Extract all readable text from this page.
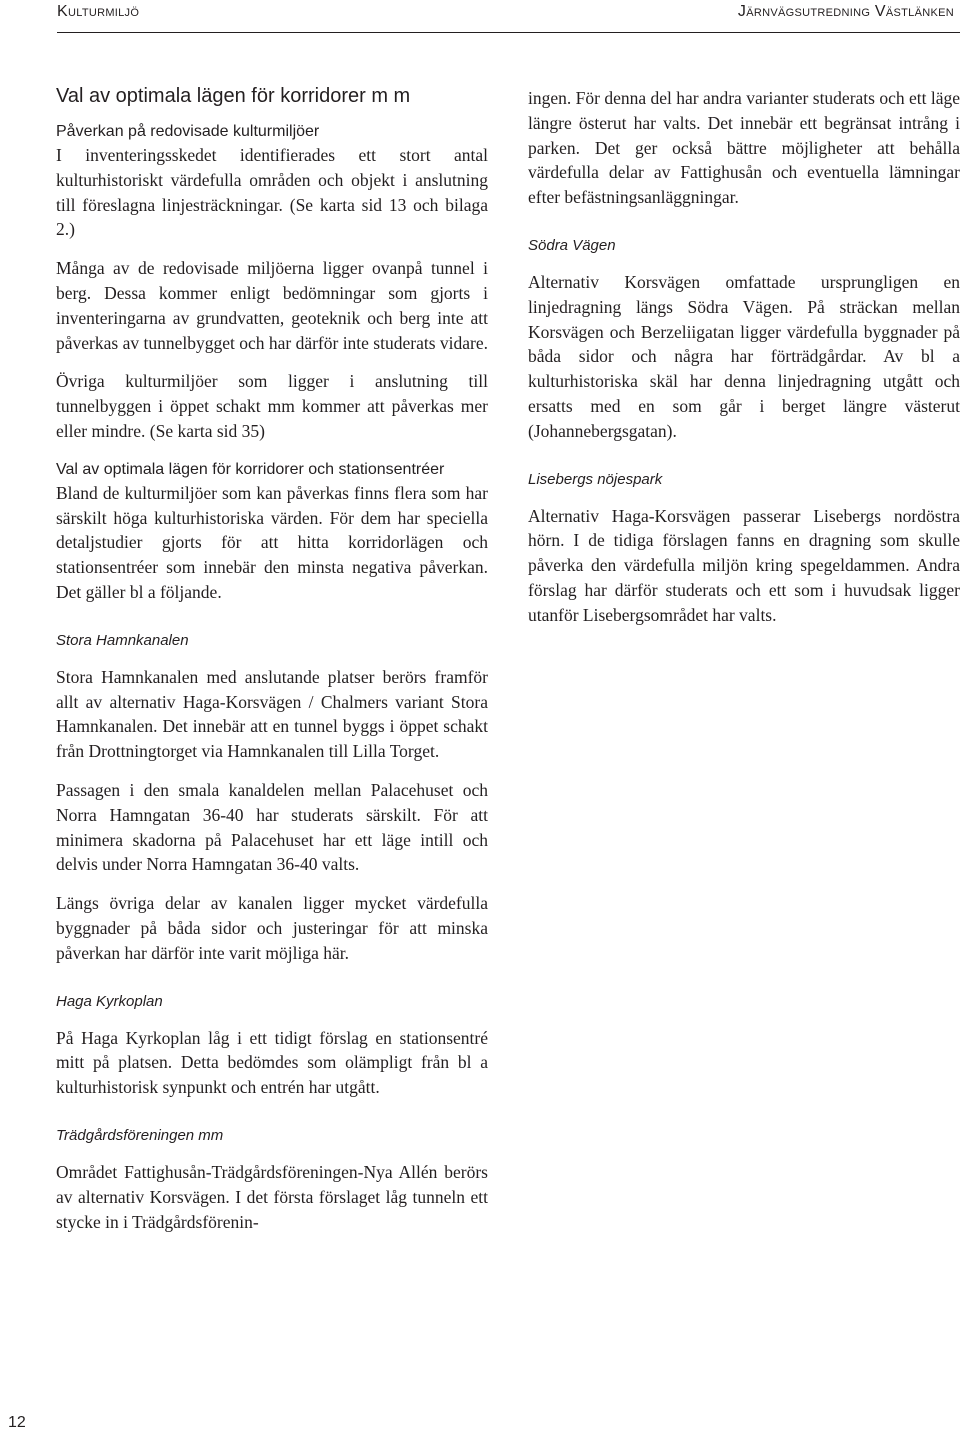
Kulturmiljö	Järnvägsutredning Västlänken
Val av optimala lägen för korridorer m m
Påverkan på redovisade kulturmiljöer

I inventeringsskedet identifierades ett stort antal kulturhistoriskt värdefulla områden och objekt i anslutning till föreslagna linjesträckningar. (Se karta sid 13 och bilaga 2.)

Många av de redovisade miljöerna ligger ovanpå tunnel i berg. Dessa kommer enligt bedömningar som gjorts i inventeringarna av grundvatten, geoteknik och berg inte att påverkas av tunnelbygget och har därför inte studerats vidare.

Övriga kulturmiljöer som ligger i anslutning till tunnelbyggen i öppet schakt mm kommer att påverkas mer eller mindre. (Se karta sid 35)

Val av optimala lägen för korridorer och stationsentréer

Bland de kulturmiljöer som kan påverkas finns flera som har särskilt höga kulturhistoriska värden. För dem har speciella detaljstudier gjorts för att hitta korridorlägen och stationsentréer som innebär den minsta negativa påverkan. Det gäller bl a följande.

Stora Hamnkanalen

Stora Hamnkanalen med anslutande platser berörs framför allt av alternativ Haga-Korsvägen / Chalmers variant Stora Hamnkanalen. Det innebär att en tunnel byggs i öppet schakt från Drottningtorget via Hamnkanalen till Lilla Torget.

Passagen i den smala kanaldelen mellan Palacehuset och Norra Hamngatan 36-40 har studerats särskilt. För att minimera skadorna på Palacehuset har ett läge intill och delvis under Norra Hamngatan 36-40 valts.

Längs övriga delar av kanalen ligger mycket värdefulla byggnader på båda sidor och justeringar för att minska påverkan har därför inte varit möjliga här.

Haga Kyrkoplan

På Haga Kyrkoplan låg i ett tidigt förslag en stationsentré mitt på platsen. Detta bedömdes som olämpligt från bl a kulturhistorisk synpunkt och entrén har utgått.

Trädgårdsföreningen mm

Området Fattighusån-Trädgårdsföreningen-Nya Allén berörs av alternativ Korsvägen. I det första förslaget låg tunneln ett stycke in i Trädgårdsförenin-

ingen. För denna del har andra varianter studerats och ett läge längre österut har valts. Det innebär ett begränsat intrång i parken. Det ger också bättre möjligheter att behålla värdefulla delar av Fattighusån och eventuella lämningar efter befästningsanläggningar.

Södra Vägen

Alternativ Korsvägen omfattade ursprungligen en linjedragning längs Södra Vägen. På sträckan mellan Korsvägen och Berzeliigatan ligger värdefulla byggnader på båda sidor och några har förträdgårdar. Av bl a kulturhistoriska skäl har denna linjedragning utgått och ersatts med en som går i berget längre västerut (Johannebergsgatan).

Lisebergs nöjespark

Alternativ Haga-Korsvägen passerar Lisebergs nordöstra hörn. I de tidiga förslagen fanns en dragning som skulle påverka den värdefulla miljön kring spegeldammen. Andra förslag har därför studerats och ett som i huvudsak ligger utanför Lisebergsområdet har valts.

12
